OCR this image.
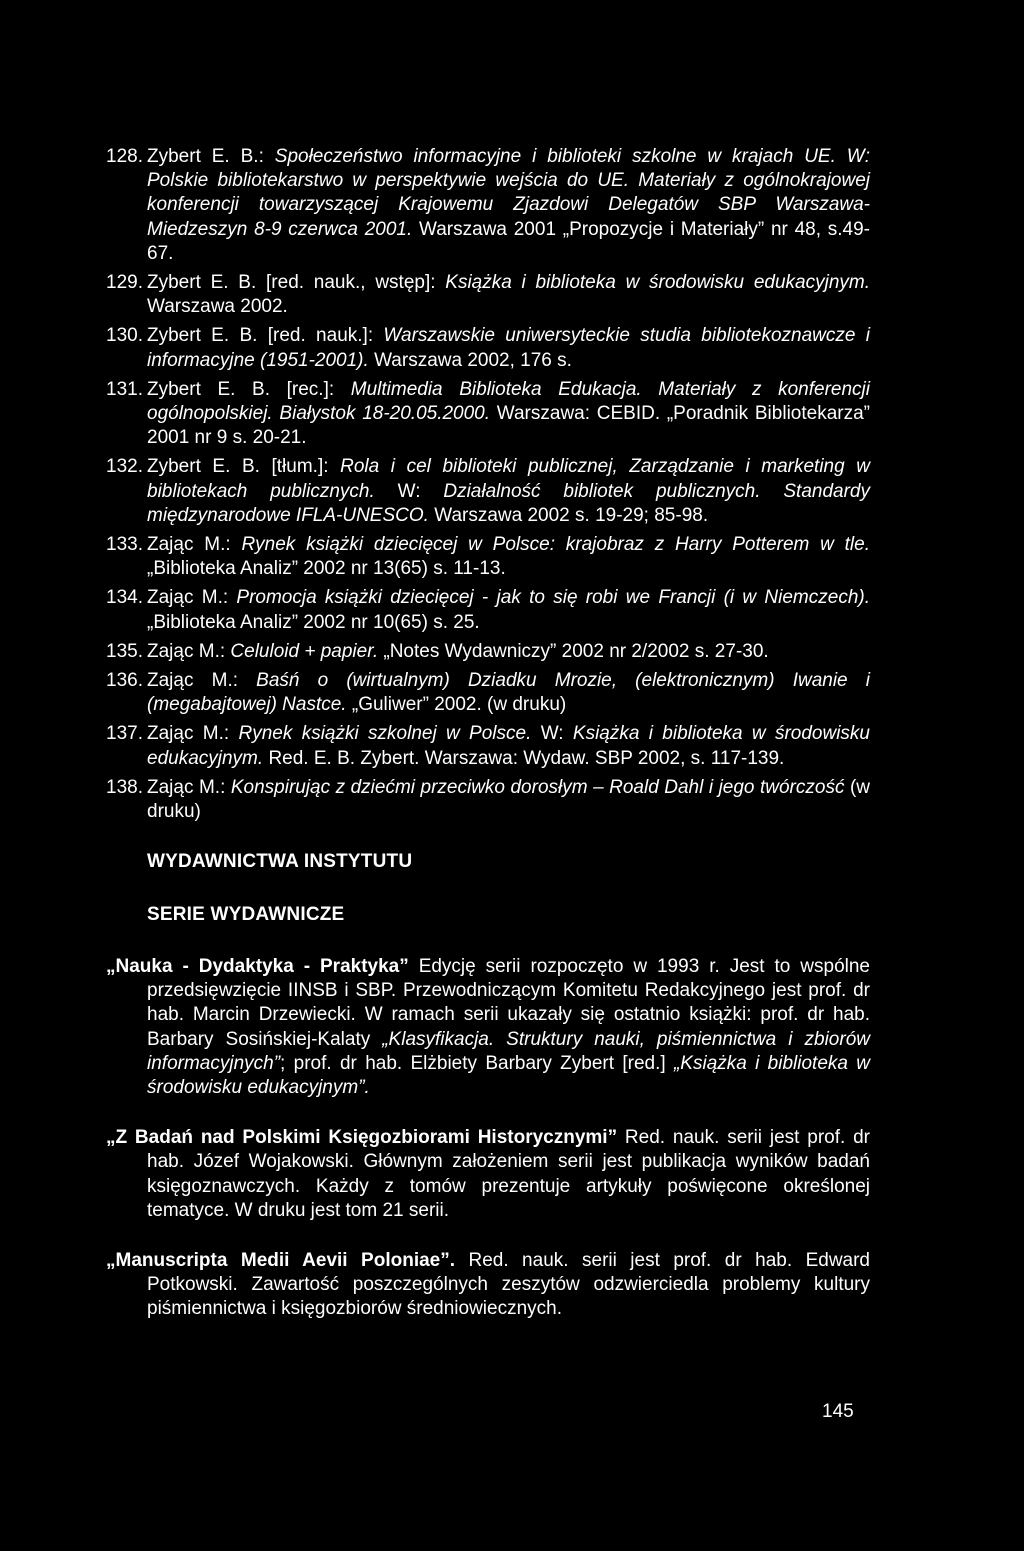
128. Zybert E. B.: Społeczeństwo informacyjne i biblioteki szkolne w krajach UE. W: Polskie bibliotekarstwo w perspektywie wejścia do UE. Materiały z ogólnokrajowej konferencji towarzyszącej Krajowemu Zjazdowi Delegatów SBP Warszawa- Miedzeszyn 8-9 czerwca 2001. Warszawa 2001 „Propozycje i Materiały” nr 48, s.49-67.
129. Zybert E. B. [red. nauk., wstęp]: Książka i biblioteka w środowisku edukacyjnym. Warszawa 2002.
130. Zybert E. B. [red. nauk.]: Warszawskie uniwersyteckie studia bibliotekoznawcze i informacyjne (1951-2001). Warszawa 2002, 176 s.
131. Zybert E. B. [rec.]: Multimedia Biblioteka Edukacja. Materiały z konferencji ogólnopolskiej. Białystok 18-20.05.2000. Warszawa: CEBID. „Poradnik Bibliotekarza” 2001 nr 9 s. 20-21.
132. Zybert E. B. [tłum.]: Rola i cel biblioteki publicznej, Zarządzanie i marketing w bibliotekach publicznych. W: Działalność bibliotek publicznych. Standardy międzynarodowe IFLA-UNESCO. Warszawa 2002 s. 19-29; 85-98.
133. Zając M.: Rynek książki dziecięcej w Polsce: krajobraz z Harry Potterem w tle. „Biblioteka Analiz” 2002 nr 13(65) s. 11-13.
134. Zając M.: Promocja książki dziecięcej - jak to się robi we Francji (i w Niemczech). „Biblioteka Analiz” 2002 nr 10(65) s. 25.
135. Zając M.: Celuloid + papier. „Notes Wydawniczy” 2002 nr 2/2002 s. 27-30.
136. Zając M.: Baśń o (wirtualnym) Dziadku Mrozie, (elektronicznym) Iwanie i (megabajtowej) Nastce. „Guliwer” 2002. (w druku)
137. Zając M.: Rynek książki szkolnej w Polsce. W: Książka i biblioteka w środowisku edukacyjnym. Red. E. B. Zybert. Warszawa: Wydaw. SBP 2002, s. 117-139.
138. Zając M.: Konspirując z dziećmi przeciwko dorosłym – Roald Dahl i jego twórczość (w druku)
WYDAWNICTWA INSTYTUTU
SERIE WYDAWNICZE
„Nauka - Dydaktyka - Praktyka” Edycję serii rozpoczęto w 1993 r. Jest to wspólne przedsięwzięcie IINSB i SBP. Przewodniczącym Komitetu Redakcyjnego jest prof. dr hab. Marcin Drzewiecki. W ramach serii ukazały się ostatnio książki: prof. dr hab. Barbary Sosińskiej-Kalaty „Klasyfikacja. Struktury nauki, piśmiennictwa i zbiorów informacyjnych”; prof. dr hab. Elżbiety Barbary Zybert [red.] „Książka i biblioteka w środowisku edukacyjnym”.
„Z Badań nad Polskimi Księgozbiorami Historycznymi” Red. nauk. serii jest prof. dr hab. Józef Wojakowski. Głównym założeniem serii jest publikacja wyników badań księgoznawczych. Każdy z tomów prezentuje artykuły poświęcone określonej tematyce. W druku jest tom 21 serii.
„Manuscripta Medii Aevii Poloniae”. Red. nauk. serii jest prof. dr hab. Edward Potkowski. Zawartość poszczególnych zeszytów odzwierciedla problemy kultury piśmiennictwa i księgozbiorów średniowiecznych.
145
